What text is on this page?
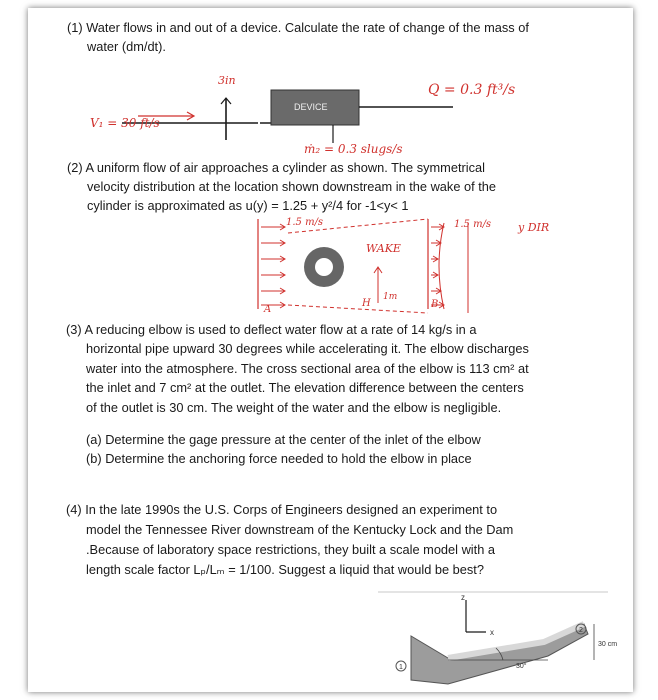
(1) Water flows in and out of a device. Calculate the rate of change of the mass of
water (dm/dt).
DEVICE
3in
Q = 0.3 ft³/s
V₁ = 30 ft/s
ṁ₂ = 0.3 slugs/s
(2) A uniform flow of air approaches a cylinder as shown. The symmetrical
velocity distribution at the location shown downstream in the wake of the
cylinder is approximated as u(y) = 1.25 + y²/4 for -1<y< 1
1.5 m/s	1.5 m/s y DIR
WAKE
H
1m
A	B
(3) A reducing elbow is used to deflect water flow at a rate of 14 kg/s in a
horizontal pipe upward 30 degrees while accelerating it. The elbow discharges
water into the atmosphere. The cross sectional area of the elbow is 113 cm² at
the inlet and 7 cm² at the outlet. The elevation difference between the centers
of the outlet is 30 cm. The weight of the water and the elbow is negligible.
(a) Determine the gage pressure at the center of the inlet of the elbow
(b) Determine the anchoring force needed to hold the elbow in place
(4) In the late 1990s the U.S. Corps of Engineers designed an experiment to
model the Tennessee River downstream of the Kentucky Lock and the Dam
.Because of laboratory space restrictions, they built a scale model with a
length scale factor Lₚ/Lₘ = 1/100. Suggest a liquid that would be best?
1
2
x
z
30 cm
30°
